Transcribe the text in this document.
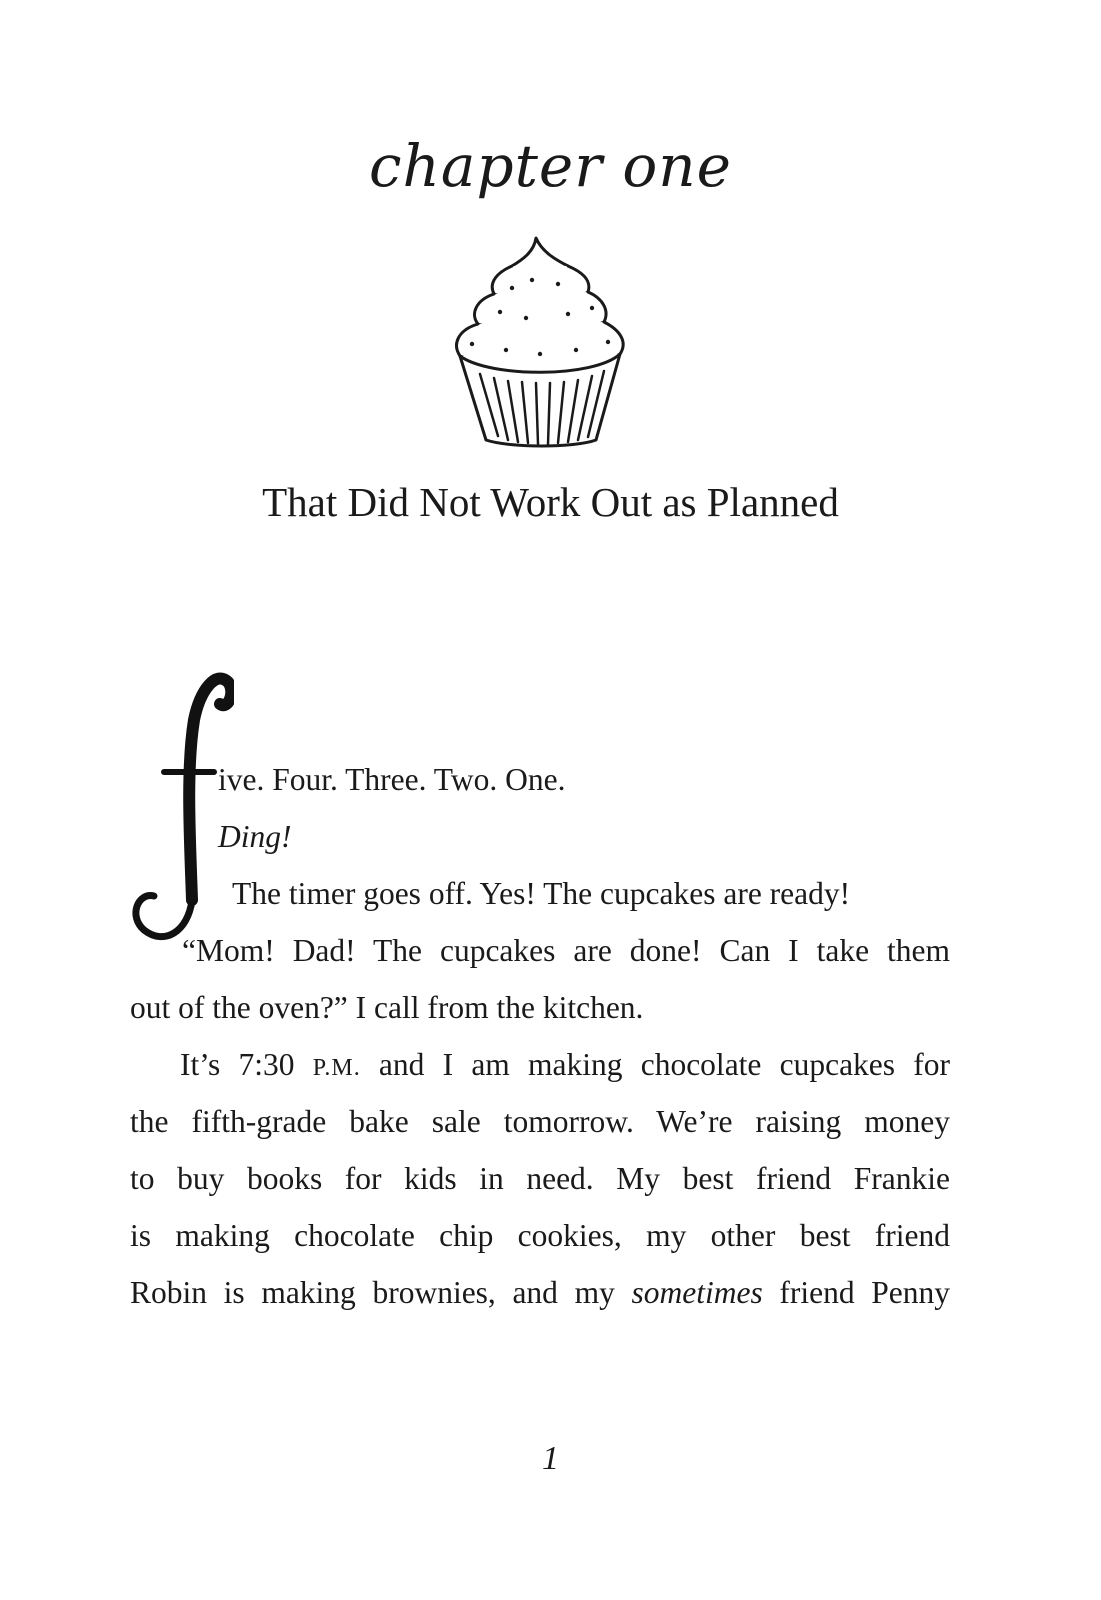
chapter one
That Did Not Work Out as Planned
ive. Four. Three. Two. One.
Ding!
The timer goes off. Yes! The cupcakes are ready!
“Mom! Dad! The cupcakes are done! Can I take them
out of the oven?” I call from the kitchen.
It’s 7:30 P.M. and I am making chocolate cupcakes for
the fifth-grade bake sale tomorrow. We’re raising money
to buy books for kids in need. My best friend Frankie
is making chocolate chip cookies, my other best friend
Robin is making brownies, and my sometimes friend Penny
1
